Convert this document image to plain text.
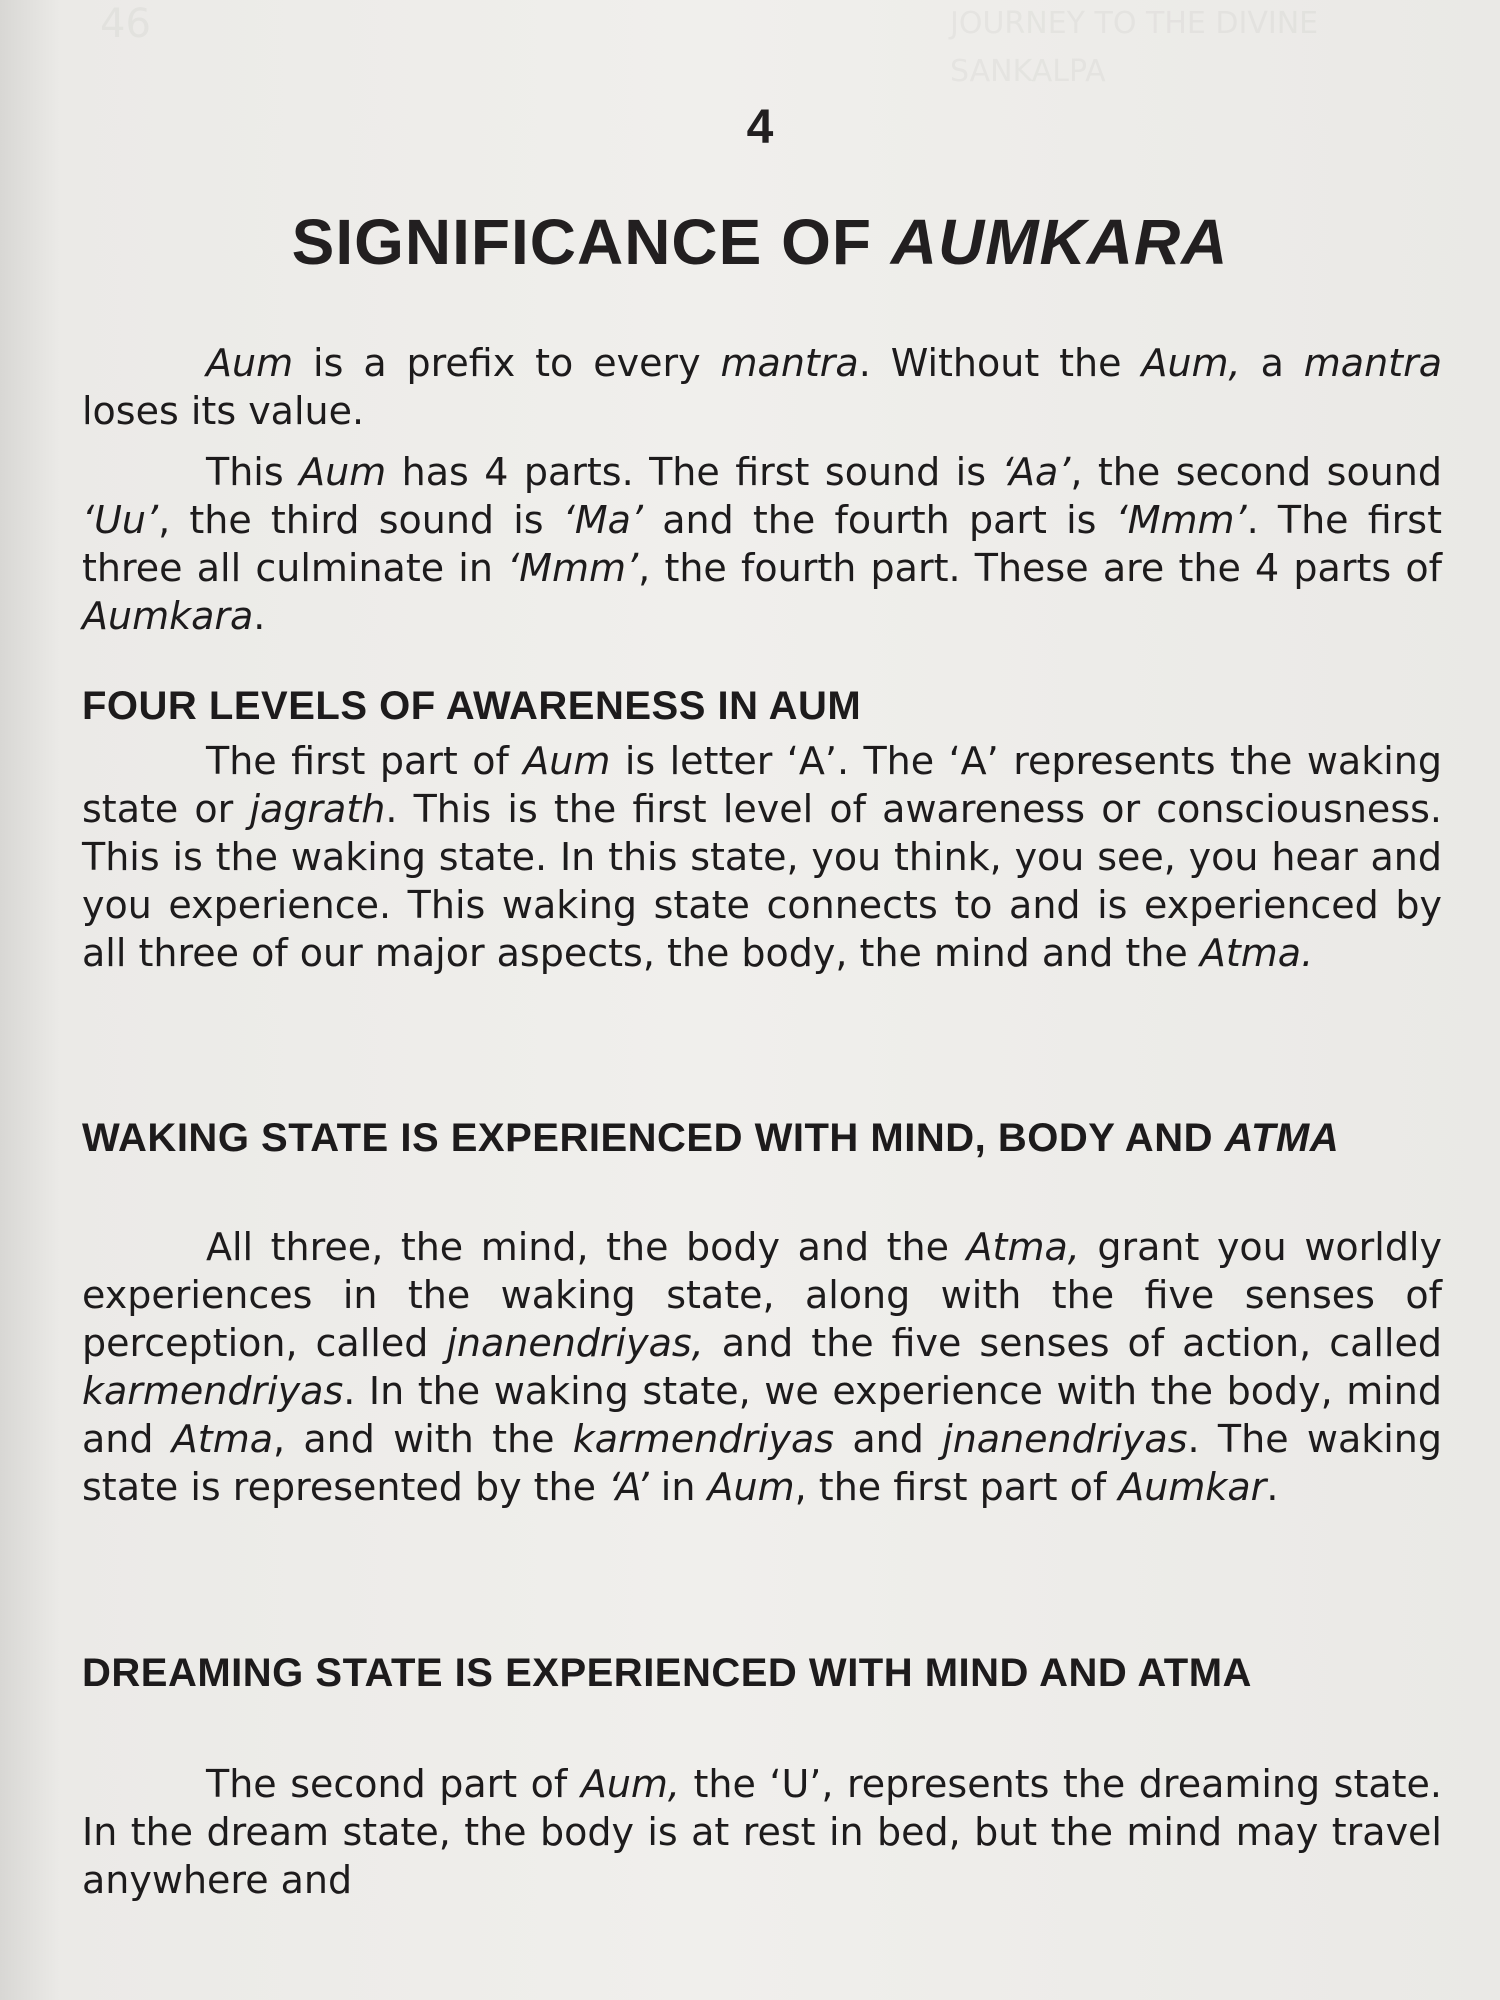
46	JOURNEY TO THE DIVINE SANKALPA
4
SIGNIFICANCE OF AUMKARA

Aum is a prefix to every mantra. Without the Aum, a mantra loses its value.

This Aum has 4 parts. The first sound is ‘Aa’, the second sound ‘Uu’, the third sound is ‘Ma’ and the fourth part is ‘Mmm’. The first three all culminate in ‘Mmm’, the fourth part. These are the 4 parts of Aumkara.

FOUR LEVELS OF AWARENESS IN AUM

The first part of Aum is letter ‘A’. The ‘A’ represents the waking state or jagrath. This is the first level of awareness or consciousness. This is the waking state. In this state, you think, you see, you hear and you experience. This waking state connects to and is experienced by all three of our major aspects, the body, the mind and the Atma.

WAKING STATE IS EXPERIENCED WITH MIND, BODY AND ATMA

All three, the mind, the body and the Atma, grant you worldly experiences in the waking state, along with the five senses of perception, called jnanendriyas, and the five senses of action, called karmendriyas. In the waking state, we experience with the body, mind and Atma, and with the karmendriyas and jnanendriyas. The waking state is represented by the ‘A’ in Aum, the first part of Aumkar.

DREAMING STATE IS EXPERIENCED WITH MIND AND ATMA

The second part of Aum, the ‘U’, represents the dreaming state. In the dream state, the body is at rest in bed, but the mind may travel anywhere and
